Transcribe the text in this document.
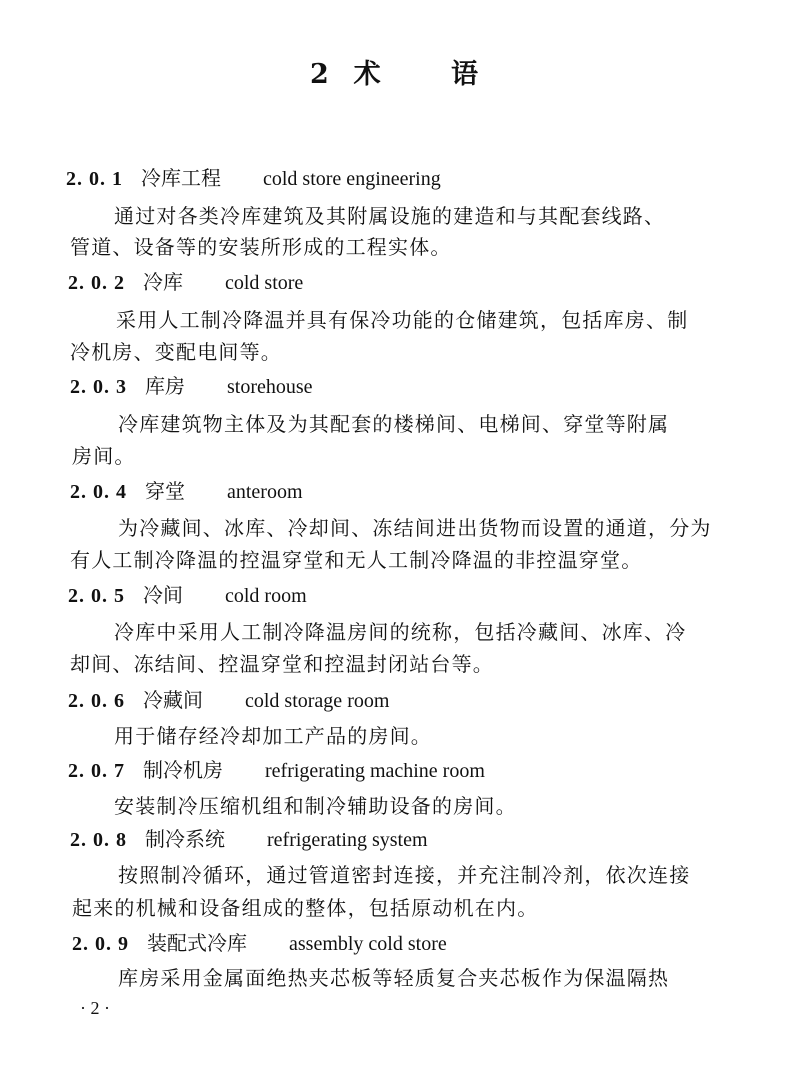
2  术      语
2. 0. 1 冷库工程 cold store engineering
通过对各类冷库建筑及其附属设施的建造和与其配套线路、
管道、设备等的安装所形成的工程实体。
2. 0. 2 冷库 cold store
采用人工制冷降温并具有保冷功能的仓储建筑，包括库房、制
冷机房、变配电间等。
2. 0. 3 库房 storehouse
冷库建筑物主体及为其配套的楼梯间、电梯间、穿堂等附属
房间。
2. 0. 4 穿堂 anteroom
为冷藏间、冰库、冷却间、冻结间进出货物而设置的通道，分为
有人工制冷降温的控温穿堂和无人工制冷降温的非控温穿堂。
2. 0. 5 冷间 cold room
冷库中采用人工制冷降温房间的统称，包括冷藏间、冰库、冷
却间、冻结间、控温穿堂和控温封闭站台等。
2. 0. 6 冷藏间 cold storage room
用于储存经冷却加工产品的房间。
2. 0. 7 制冷机房 refrigerating machine room
安装制冷压缩机组和制冷辅助设备的房间。
2. 0. 8 制冷系统 refrigerating system
按照制冷循环，通过管道密封连接，并充注制冷剂，依次连接
起来的机械和设备组成的整体，包括原动机在内。
2. 0. 9 装配式冷库 assembly cold store
库房采用金属面绝热夹芯板等轻质复合夹芯板作为保温隔热
· 2 ·
